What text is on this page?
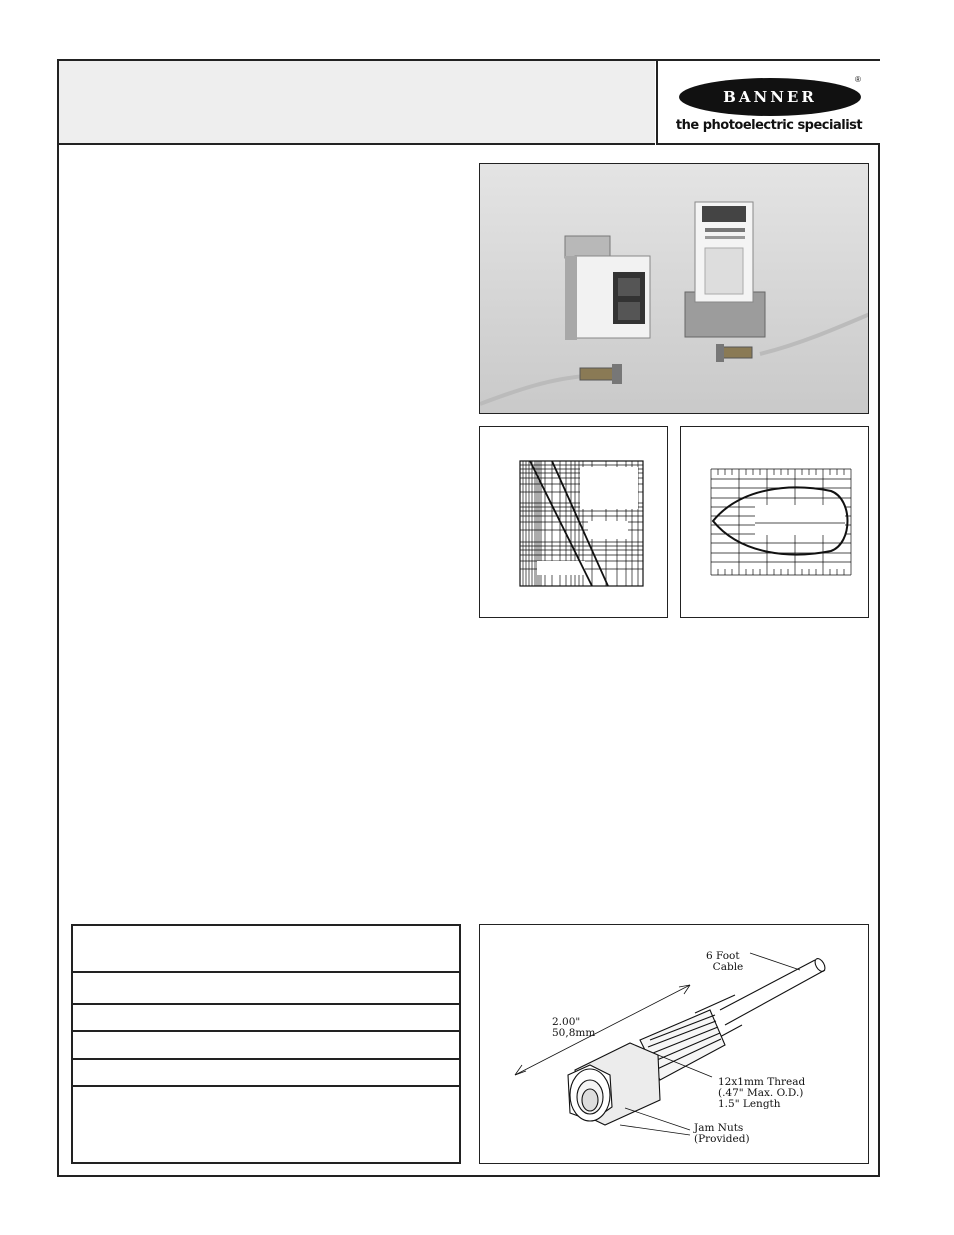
BANNER
®
the photoelectric specialist
6 Foot
Cable
2.00"
50,8mm
12x1mm Thread
(.47" Max. O.D.)
1.5" Length
Jam Nuts
(Provided)
